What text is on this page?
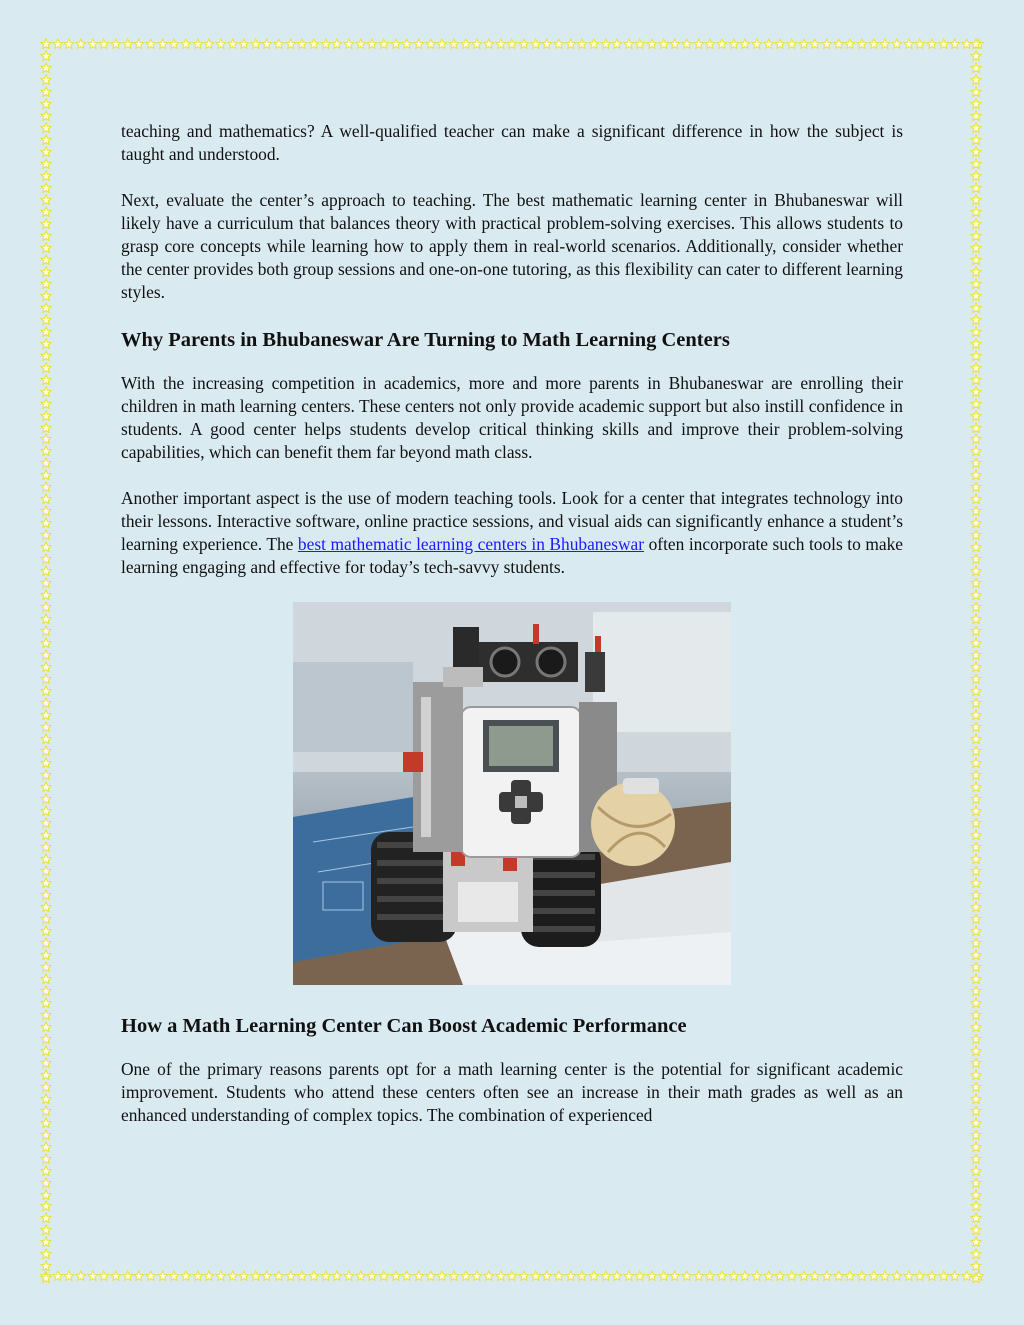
teaching and mathematics? A well-qualified teacher can make a significant difference in how the subject is taught and understood.

Next, evaluate the center’s approach to teaching. The best mathematic learning center in Bhubaneswar will likely have a curriculum that balances theory with practical problem-solving exercises. This allows students to grasp core concepts while learning how to apply them in real-world scenarios. Additionally, consider whether the center provides both group sessions and one-on-one tutoring, as this flexibility can cater to different learning styles.

Why Parents in Bhubaneswar Are Turning to Math Learning Centers

With the increasing competition in academics, more and more parents in Bhubaneswar are enrolling their children in math learning centers. These centers not only provide academic support but also instill confidence in students. A good center helps students develop critical thinking skills and improve their problem-solving capabilities, which can benefit them far beyond math class.

Another important aspect is the use of modern teaching tools. Look for a center that integrates technology into their lessons. Interactive software, online practice sessions, and visual aids can significantly enhance a student’s learning experience. The best mathematic learning centers in Bhubaneswar often incorporate such tools to make learning engaging and effective for today’s tech-savvy students.

How a Math Learning Center Can Boost Academic Performance

One of the primary reasons parents opt for a math learning center is the potential for significant academic improvement. Students who attend these centers often see an increase in their math grades as well as an enhanced understanding of complex topics. The combination of experienced
